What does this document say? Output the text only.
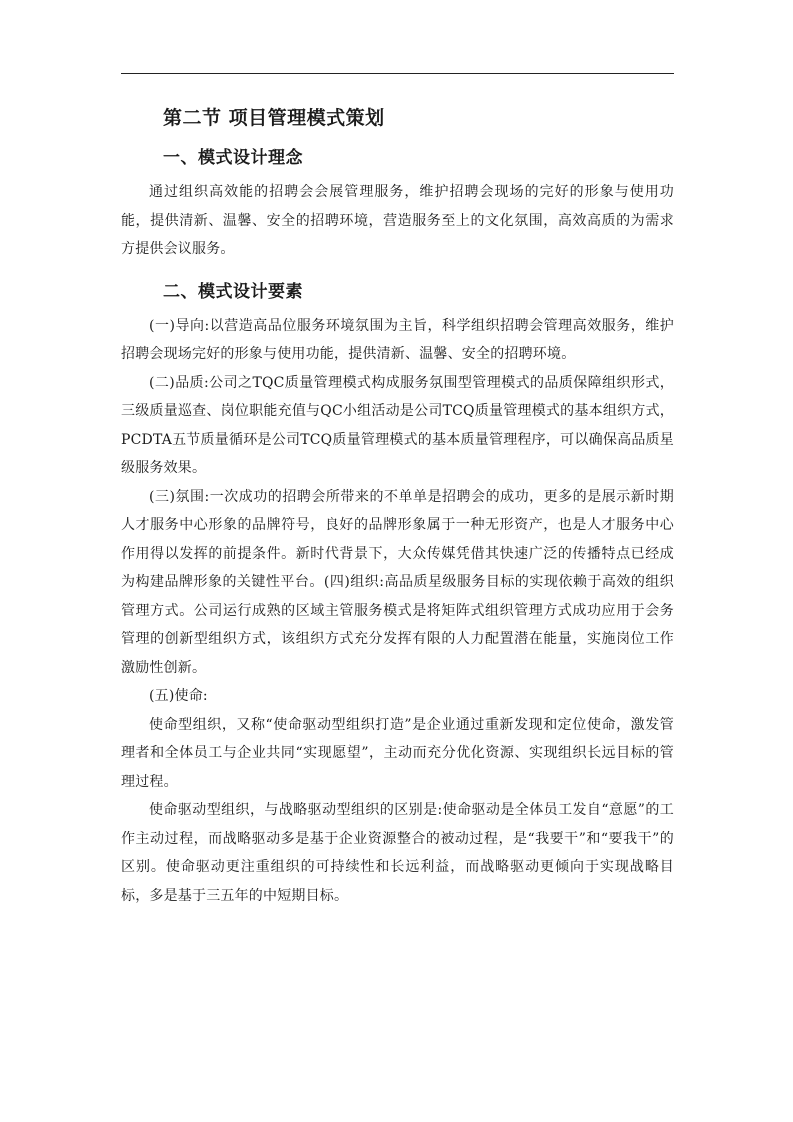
第二节 项目管理模式策划
一、模式设计理念

通过组织高效能的招聘会会展管理服务，维护招聘会现场的完好的形象与使用功能，提供清新、温馨、安全的招聘环境，营造服务至上的文化氛围，高效高质的为需求方提供会议服务。

二、模式设计要素

(一)导向:以营造高品位服务环境氛围为主旨，科学组织招聘会管理高效服务，维护招聘会现场完好的形象与使用功能，提供清新、温馨、安全的招聘环境。

(二)品质:公司之TQC质量管理模式构成服务氛围型管理模式的品质保障组织形式，三级质量巡查、岗位职能充值与QC小组活动是公司TCQ质量管理模式的基本组织方式，PCDTA五节质量循环是公司TCQ质量管理模式的基本质量管理程序，可以确保高品质星级服务效果。

(三)氛围:一次成功的招聘会所带来的不单单是招聘会的成功，更多的是展示新时期人才服务中心形象的品牌符号，良好的品牌形象属于一种无形资产，也是人才服务中心作用得以发挥的前提条件。新时代背景下，大众传媒凭借其快速广泛的传播特点已经成为构建品牌形象的关键性平台。(四)组织:高品质星级服务目标的实现依赖于高效的组织管理方式。公司运行成熟的区域主管服务模式是将矩阵式组织管理方式成功应用于会务管理的创新型组织方式，该组织方式充分发挥有限的人力配置潜在能量，实施岗位工作激励性创新。

(五)使命:

使命型组织，又称“使命驱动型组织打造”是企业通过重新发现和定位使命，激发管理者和全体员工与企业共同“实现愿望”，主动而充分优化资源、实现组织长远目标的管理过程。

使命驱动型组织，与战略驱动型组织的区别是:使命驱动是全体员工发自“意愿”的工作主动过程，而战略驱动多是基于企业资源整合的被动过程，是“我要干”和“要我干”的区别。使命驱动更注重组织的可持续性和长远利益，而战略驱动更倾向于实现战略目标，多是基于三五年的中短期目标。
